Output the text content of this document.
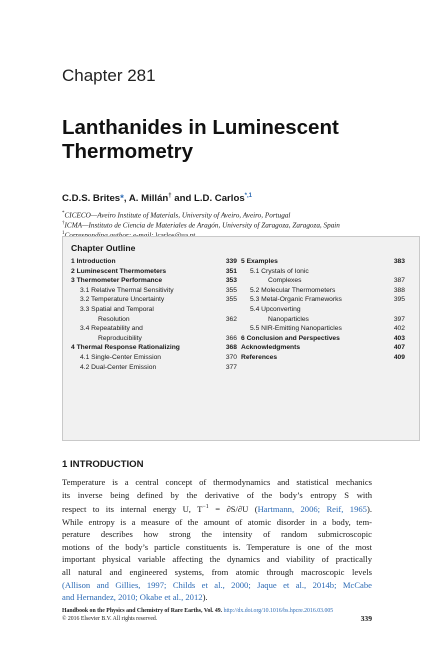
Chapter 281
Lanthanides in Luminescent
Thermometry
C.D.S. Brites*, A. Millán† and L.D. Carlos$^{*,1}$
*CICECO—Aveiro Institute of Materials, University of Aveiro, Aveiro, Portugal
†ICMA—Instituto de Ciencia de Materiales de Aragón, University of Zaragoza, Zaragoza, Spain
$^1$
Chapter Outline
1 Introduction	339
2 Luminescent Thermometers	351
3 Thermometer Performance	353
3.1 Relative Thermal Sensitivity	355
3.2 Temperature Uncertainty	355
3.3 Spatial and Temporal
Resolution	362
3.4 Repeatability and
Reproducibility	366
4 Thermal Response Rationalizing	368
4.1 Single-Center Emission	370
4.2 Dual-Center Emission	377
5 Examples	383
5.1 Crystals of Ionic
Complexes	387
5.2 Molecular Thermometers	388
5.3 Metal-Organic Frameworks	395
5.4 Upconverting
Nanoparticles	397
5.5 NIR-Emitting Nanoparticles	402
6 Conclusion and Perspectives	403
Acknowledgments	407
References	409
1 INTRODUCTION
Temperature is a central concept of thermodynamics and statistical mechanics
its inverse being defined by the derivative of the body’s entropy S with
respect to its internal energy U, $T^{-1} = \partial S/\partial U$ (Hartmann, 2006; Reif, 1965).
While entropy is a measure of the amount of atomic disorder in a body, tem-
perature describes how strong the intensity of random submicroscopic
motions of the body’s particle constituents is. Temperature is one of the most
important physical variable affecting the dynamics and viability of practically
all natural and engineered systems, from atomic through macroscopic levels
(Allison and Gillies, 1997; Childs et al., 2000; Jaque et al., 2014b; McCabe
and Hernandez, 2010; Okabe et al., 2012).
Handbook on the Physics and Chemistry of Rare Earths, Vol. 49. http://dx.doi.org/10.1016/bs.hpcre.2016.03.005
© 2016 Elsevier B.V. All rights reserved.	339
